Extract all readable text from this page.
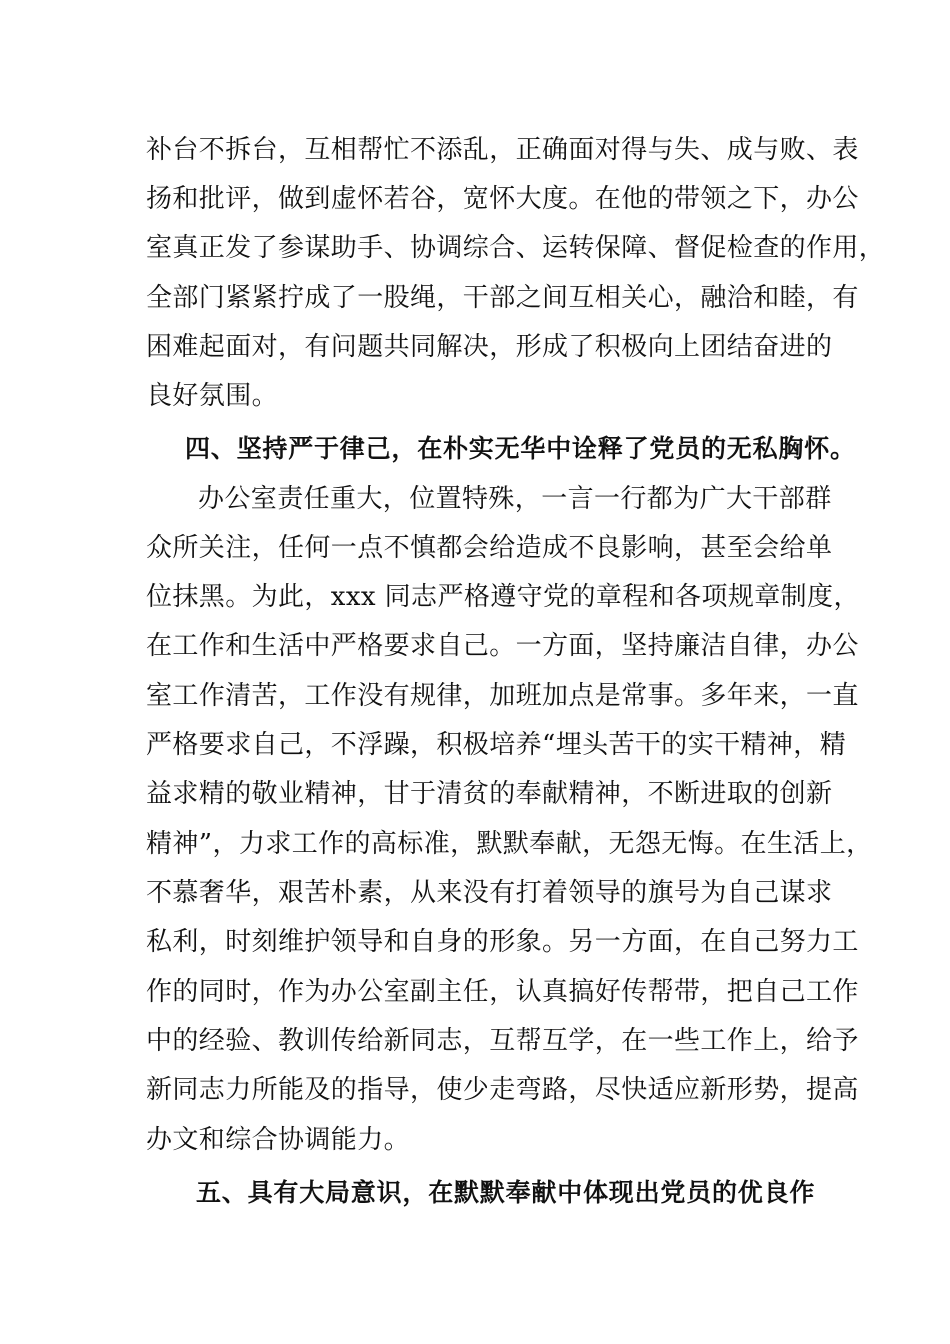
补台不拆台，互相帮忙不添乱，正确面对得与失、成与败、表
扬和批评，做到虚怀若谷，宽怀大度。在他的带领之下，办公
室真正发了参谋助手、协调综合、运转保障、督促检查的作用，
全部门紧紧拧成了一股绳，干部之间互相关心，融洽和睦，有
困难起面对，有问题共同解决，形成了积极向上团结奋进的
良好氛围。
四、坚持严于律己，在朴实无华中诠释了党员的无私胸怀。
办公室责任重大，位置特殊，一言一行都为广大干部群
众所关注，任何一点不慎都会给造成不良影响，甚至会给单
位抹黑。为此，xxx 同志严格遵守党的章程和各项规章制度，
在工作和生活中严格要求自己。一方面，坚持廉洁自律，办公
室工作清苦，工作没有规律，加班加点是常事。多年来，一直
严格要求自己，不浮躁，积极培养“埋头苦干的实干精神，精
益求精的敬业精神，甘于清贫的奉献精神，不断进取的创新
精神”，力求工作的高标准，默默奉献，无怨无悔。在生活上，
不慕奢华，艰苦朴素，从来没有打着领导的旗号为自己谋求
私利，时刻维护领导和自身的形象。另一方面，在自己努力工
作的同时，作为办公室副主任，认真搞好传帮带，把自己工作
中的经验、教训传给新同志，互帮互学，在一些工作上，给予
新同志力所能及的指导，使少走弯路，尽快适应新形势，提高
办文和综合协调能力。
五、具有大局意识，在默默奉献中体现出党员的优良作
